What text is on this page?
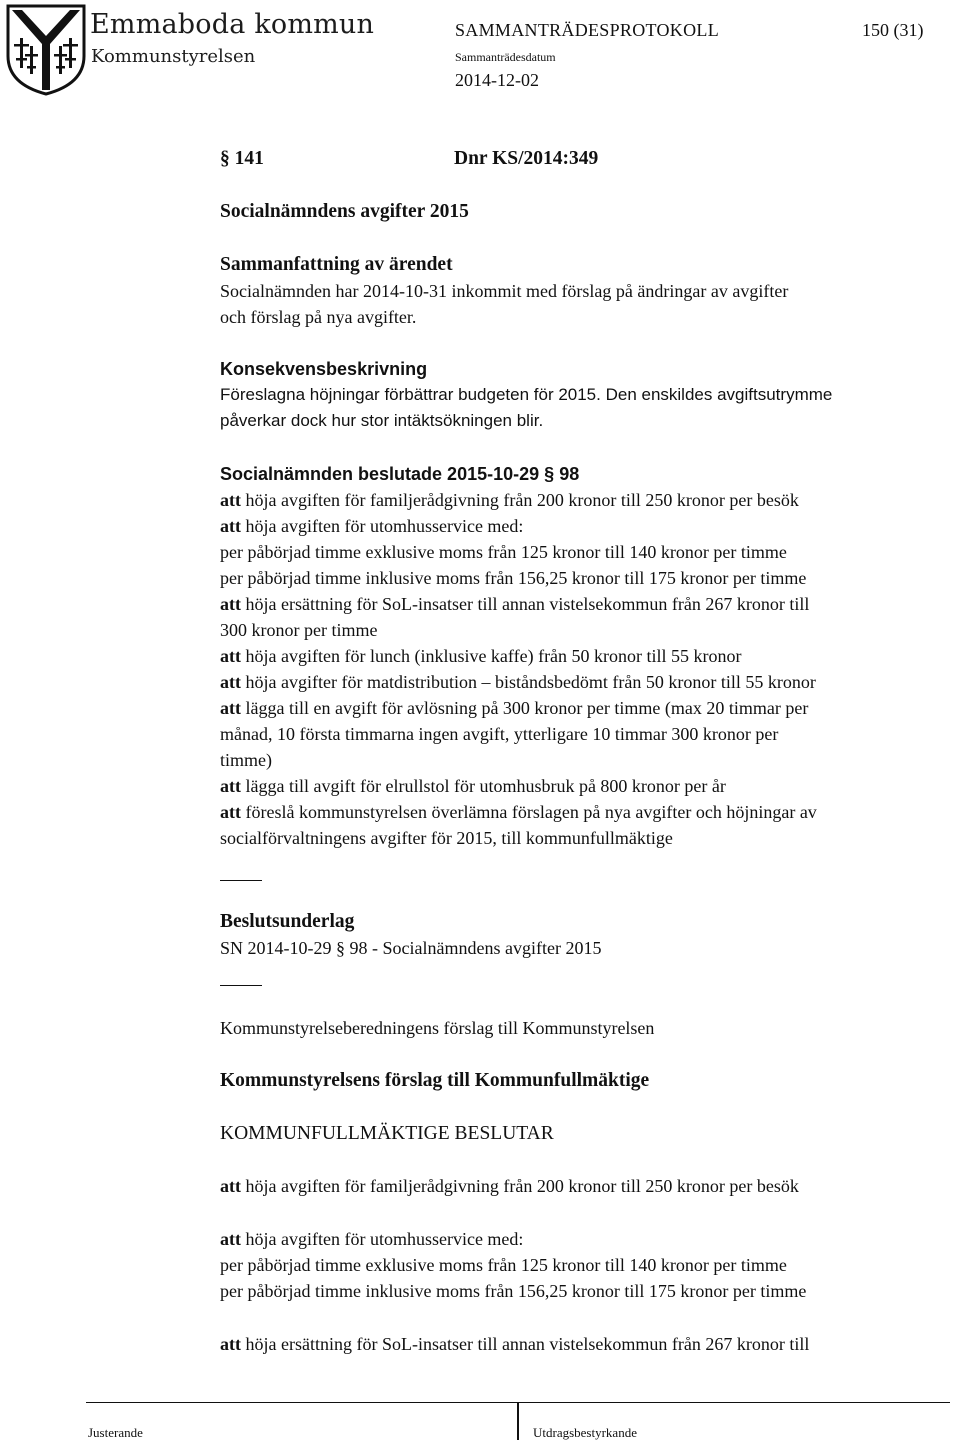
Emmaboda kommun
Kommunstyrelsen
SAMMANTRÄDESPROTOKOLL	150 (31)
Sammanträdesdatum
2014-12-02
§ 141	Dnr KS/2014:349
Socialnämndens avgifter 2015

Sammanfattning av ärendet

Socialnämnden har 2014-10-31 inkommit med förslag på ändringar av avgifter

och förslag på nya avgifter.

Konsekvensbeskrivning

Föreslagna höjningar förbättrar budgeten för 2015. Den enskildes avgiftsutrymme

påverkar dock hur stor intäktsökningen blir.

Socialnämnden beslutade 2015-10-29 § 98

att höja avgiften för familjerådgivning från 200 kronor till 250 kronor per besök

att höja avgiften för utomhusservice med:

per påbörjad timme exklusive moms från 125 kronor till 140 kronor per timme

per påbörjad timme inklusive moms från 156,25 kronor till 175 kronor per timme

att höja ersättning för SoL-insatser till annan vistelsekommun från 267 kronor till

300 kronor per timme

att höja avgiften för lunch (inklusive kaffe) från 50 kronor till 55 kronor

att höja avgifter för matdistribution – biståndsbedömt från 50 kronor till 55 kronor

att lägga till en avgift för avlösning på 300 kronor per timme (max 20 timmar per

månad, 10 första timmarna ingen avgift, ytterligare 10 timmar 300 kronor per

timme)

att lägga till avgift för elrullstol för utomhusbruk på 800 kronor per år

att föreslå kommunstyrelsen överlämna förslagen på nya avgifter och höjningar av

socialförvaltningens avgifter för 2015, till kommunfullmäktige

Beslutsunderlag

SN 2014-10-29 § 98 - Socialnämndens avgifter 2015

Kommunstyrelseberedningens förslag till Kommunstyrelsen
Kommunstyrelsens förslag till Kommunfullmäktige
KOMMUNFULLMÄKTIGE BESLUTAR
att höja avgiften för familjerådgivning från 200 kronor till 250 kronor per besök

att höja avgiften för utomhusservice med:

per påbörjad timme exklusive moms från 125 kronor till 140 kronor per timme

per påbörjad timme inklusive moms från 156,25 kronor till 175 kronor per timme

att höja ersättning för SoL-insatser till annan vistelsekommun från 267 kronor till
Justerande	Utdragsbestyrkande
